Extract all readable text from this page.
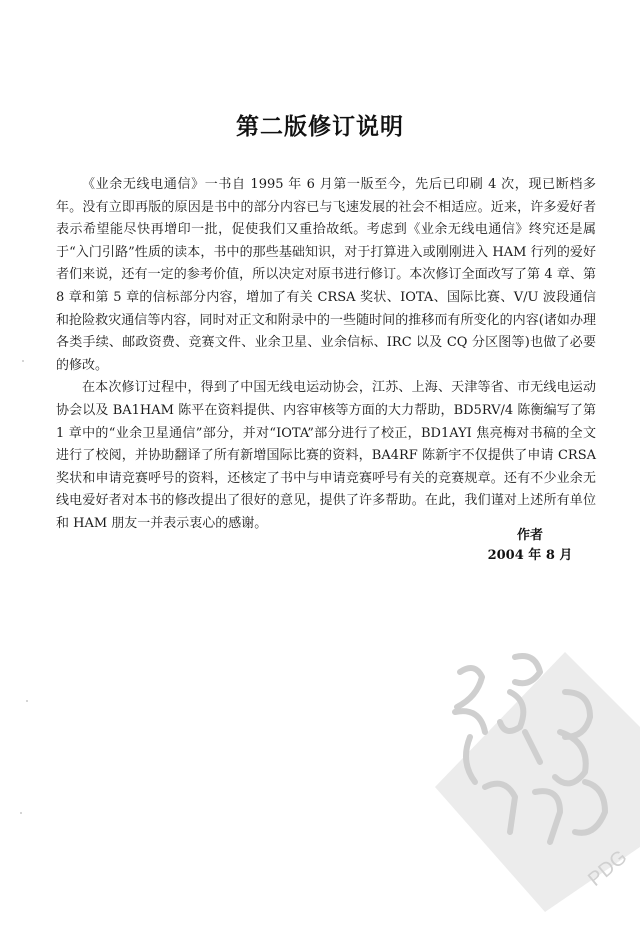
第二版修订说明

《业余无线电通信》一书自 1995 年 6 月第一版至今，先后已印刷 4 次，现已断档多年。没有立即再版的原因是书中的部分内容已与飞速发展的社会不相适应。近来，许多爱好者表示希望能尽快再增印一批，促使我们又重拾故纸。考虑到《业余无线电通信》终究还是属于“入门引路”性质的读本，书中的那些基础知识，对于打算进入或刚刚进入 HAM 行列的爱好者们来说，还有一定的参考价值，所以决定对原书进行修订。本次修订全面改写了第 4 章、第 8 章和第 5 章的信标部分内容，增加了有关 CRSA 奖状、IOTA、国际比赛、V/U 波段通信和抢险救灾通信等内容，同时对正文和附录中的一些随时间的推移而有所变化的内容(诸如办理各类手续、邮政资费、竞赛文件、业余卫星、业余信标、IRC 以及 CQ 分区图等)也做了必要的修改。

在本次修订过程中，得到了中国无线电运动协会，江苏、上海、天津等省、市无线电运动协会以及 BA1HAM 陈平在资料提供、内容审核等方面的大力帮助，BD5RV/4 陈衡编写了第 1 章中的“业余卫星通信”部分，并对“IOTA”部分进行了校正，BD1AYI 焦亮梅对书稿的全文进行了校阅，并协助翻译了所有新增国际比赛的资料，BA4RF 陈新宇不仅提供了申请 CRSA 奖状和申请竞赛呼号的资料，还核定了书中与申请竞赛呼号有关的竞赛规章。还有不少业余无线电爱好者对本书的修改提出了很好的意见，提供了许多帮助。在此，我们谨对上述所有单位和 HAM 朋友一并表示衷心的感谢。

作者
2004 年 8 月
PDG
